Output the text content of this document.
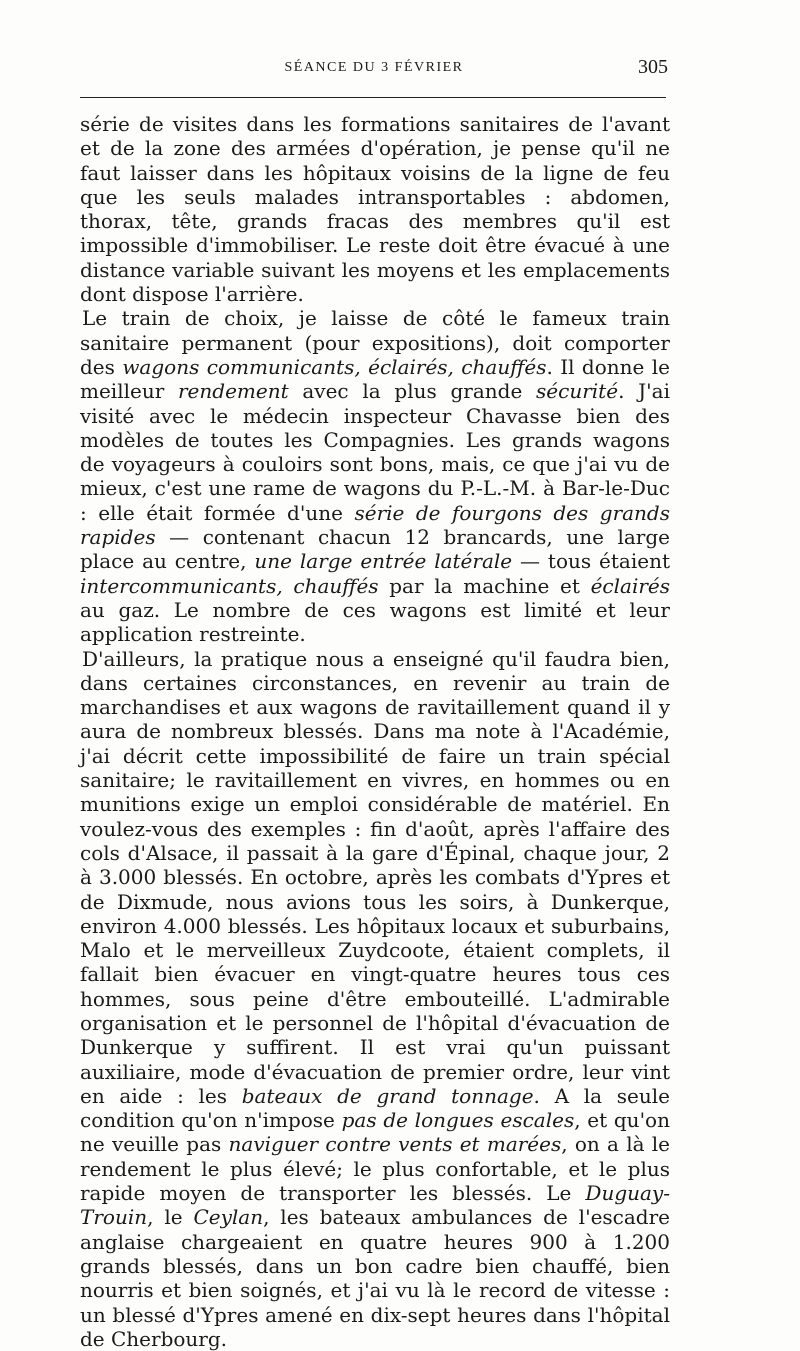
SÉANCE DU 3 FÉVRIER	305

série de visites dans les formations sanitaires de l'avant et de la zone des armées d'opération, je pense qu'il ne faut laisser dans les hôpitaux voisins de la ligne de feu que les seuls malades intransportables : abdomen, thorax, tête, grands fracas des membres qu'il est impossible d'immobiliser. Le reste doit être évacué à une distance variable suivant les moyens et les emplacements dont dispose l'arrière.

Le train de choix, je laisse de côté le fameux train sanitaire permanent (pour expositions), doit comporter des wagons communicants, éclairés, chauffés. Il donne le meilleur rendement avec la plus grande sécurité. J'ai visité avec le médecin inspecteur Chavasse bien des modèles de toutes les Compagnies. Les grands wagons de voyageurs à couloirs sont bons, mais, ce que j'ai vu de mieux, c'est une rame de wagons du P.-L.-M. à Bar-le-Duc : elle était formée d'une série de fourgons des grands rapides — contenant chacun 12 brancards, une large place au centre, une large entrée latérale — tous étaient intercommunicants, chauffés par la machine et éclairés au gaz. Le nombre de ces wagons est limité et leur application restreinte.

D'ailleurs, la pratique nous a enseigné qu'il faudra bien, dans certaines circonstances, en revenir au train de marchandises et aux wagons de ravitaillement quand il y aura de nombreux blessés. Dans ma note à l'Académie, j'ai décrit cette impossibilité de faire un train spécial sanitaire; le ravitaillement en vivres, en hommes ou en munitions exige un emploi considérable de matériel. En voulez-vous des exemples : fin d'août, après l'affaire des cols d'Alsace, il passait à la gare d'Épinal, chaque jour, 2 à 3.000 blessés. En octobre, après les combats d'Ypres et de Dixmude, nous avions tous les soirs, à Dunkerque, environ 4.000 blessés. Les hôpitaux locaux et suburbains, Malo et le merveilleux Zuydcoote, étaient complets, il fallait bien évacuer en vingt-quatre heures tous ces hommes, sous peine d'être embouteillé. L'admirable organisation et le personnel de l'hôpital d'évacuation de Dunkerque y suffirent. Il est vrai qu'un puissant auxiliaire, mode d'évacuation de premier ordre, leur vint en aide : les bateaux de grand tonnage. A la seule condition qu'on n'impose pas de longues escales, et qu'on ne veuille pas naviguer contre vents et marées, on a là le rendement le plus élevé; le plus confortable, et le plus rapide moyen de transporter les blessés. Le Duguay-Trouin, le Ceylan, les bateaux ambulances de l'escadre anglaise chargeaient en quatre heures 900 à 1.200 grands blessés, dans un bon cadre bien chauffé, bien nourris et bien soignés, et j'ai vu là le record de vitesse : un blessé d'Ypres amené en dix-sept heures dans l'hôpital de Cherbourg.
